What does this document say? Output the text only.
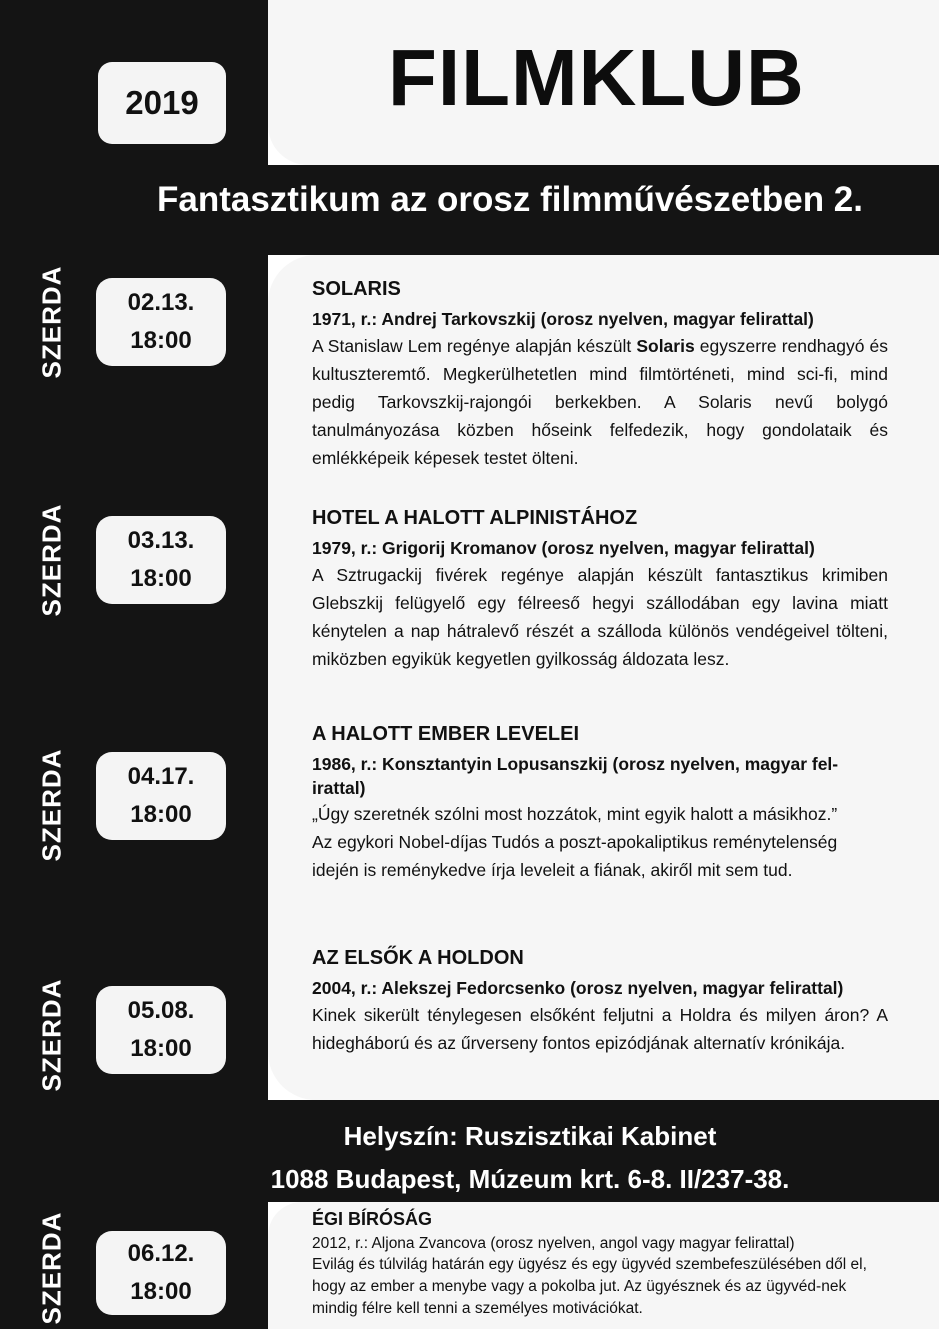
2019 FILMKLUB
Fantasztikum az orosz filmművészetben 2.
SZERDA	02.13.
18:00
SOLARIS
1971, r.: Andrej Tarkovszkij (orosz nyelven, magyar felirattal)
A Stanislaw Lem regénye alapján készült Solaris egyszerre rendhagyó és kultuszteremtő. Megkerülhetetlen mind filmtörténeti, mind sci-fi, mind pedig Tarkovszkij-rajongói berkekben. A Solaris nevű bolygó tanulmányozása közben hőseink felfedezik, hogy gondolataik és emlékképeik képesek testet ölteni.
SZERDA	03.13.
18:00
HOTEL A HALOTT ALPINISTÁHOZ
1979, r.: Grigorij Kromanov (orosz nyelven, magyar felirattal)
A Sztrugackij fivérek regénye alapján készült fantasztikus krimiben Glebszkij felügyelő egy félreeső hegyi szállodában egy lavina miatt kénytelen a nap hátralevő részét a szálloda különös vendégeivel tölteni, miközben egyikük kegyetlen gyilkosság áldozata lesz.
SZERDA	04.17.
18:00
A HALOTT EMBER LEVELEI
1986, r.: Konsztantyin Lopusanszkij (orosz nyelven, magyar fel-irattal)
„Úgy szeretnék szólni most hozzátok, mint egyik halott a másikhoz.”
Az egykori Nobel-díjas Tudós a poszt-apokaliptikus reménytelenség idején is reménykedve írja leveleit a fiának, akiről mit sem tud.
SZERDA	05.08.
18:00
AZ ELSŐK A HOLDON
2004, r.: Alekszej Fedorcsenko (orosz nyelven, magyar felirattal)
Kinek sikerült ténylegesen elsőként feljutni a Holdra és milyen áron? A hidegháború és az űrverseny fontos epizódjának alternatív krónikája.
Helyszín: Ruszisztikai Kabinet
1088 Budapest, Múzeum krt. 6-8. II/237-38.
SZERDA	06.12.
18:00
ÉGI BÍRÓSÁG
2012, r.: Aljona Zvancova (orosz nyelven, angol vagy magyar felirattal)
Evilág és túlvilág határán egy ügyész és egy ügyvéd szembefeszülésében dől el, hogy az ember a menybe vagy a pokolba jut. Az ügyésznek és az ügyvéd-nek mindig félre kell tenni a személyes motivációkat.
